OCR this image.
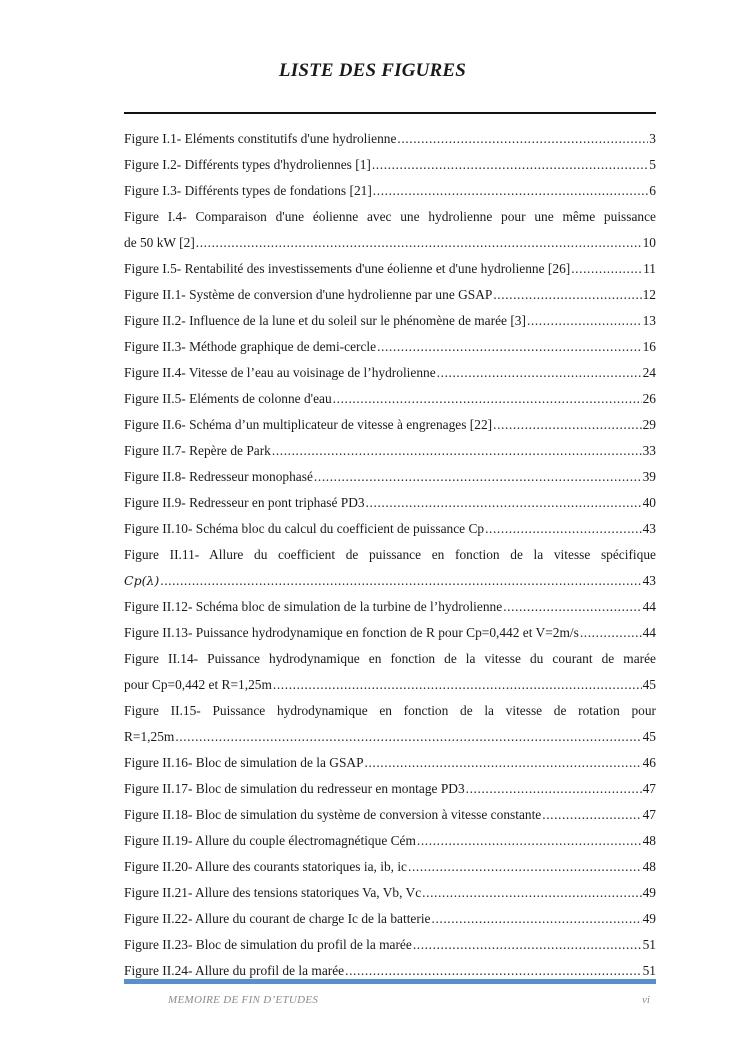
LISTE DES FIGURES
Figure I.1- Eléments constitutifs d'une hydrolienne .....	3
Figure I.2- Différents types d'hydroliennes [1] .....	5
Figure I.3- Différents types de fondations [21] .....	6
Figure I.4- Comparaison d'une éolienne avec une hydrolienne pour une même puissance
de 50 kW [2] .....	10
Figure I.5- Rentabilité des investissements d'une éolienne et d'une hydrolienne [26] .....	11
Figure II.1- Système de conversion d'une hydrolienne par une GSAP .....	12
Figure II.2- Influence de la lune et du soleil sur le phénomène de marée [3] .....	13
Figure II.3- Méthode graphique de demi-cercle .....	16
Figure II.4- Vitesse de l’eau au voisinage de l’hydrolienne .....	24
Figure II.5- Eléments de colonne d'eau .....	26
Figure II.6- Schéma d’un multiplicateur de vitesse à engrenages [22] .....	29
Figure II.7- Repère de Park .....	33
Figure II.8- Redresseur monophasé .....	39
Figure II.9- Redresseur en pont triphasé PD3 .....	40
Figure II.10- Schéma bloc du calcul du coefficient de puissance Cp .....	43
Figure II.11- Allure du coefficient de puissance en fonction de la vitesse spécifique
𝐶𝑝(𝜆) .....	43
Figure II.12- Schéma bloc de simulation de la turbine de l’hydrolienne .....	44
Figure II.13- Puissance hydrodynamique en fonction de R pour Cp=0,442 et V=2m/s .....	44
Figure II.14- Puissance hydrodynamique en fonction de la vitesse du courant de marée
pour Cp=0,442 et R=1,25m .....	45
Figure II.15- Puissance hydrodynamique en fonction de la vitesse de rotation pour
R=1,25m .....	45
Figure II.16- Bloc de simulation de la GSAP .....	46
Figure II.17- Bloc de simulation du redresseur en montage PD3 .....	47
Figure II.18- Bloc de simulation du système de conversion à vitesse constante .....	47
Figure II.19- Allure du couple électromagnétique Cém .....	48
Figure II.20- Allure des courants statoriques ia, ib, ic .....	48
Figure II.21- Allure des tensions statoriques Va, Vb, Vc .....	49
Figure II.22- Allure du courant de charge Ic de la batterie .....	49
Figure II.23- Bloc de simulation du profil de la marée .....	51
Figure II.24- Allure du profil de la marée .....	51
MEMOIRE DE FIN D’ETUDES	vi
